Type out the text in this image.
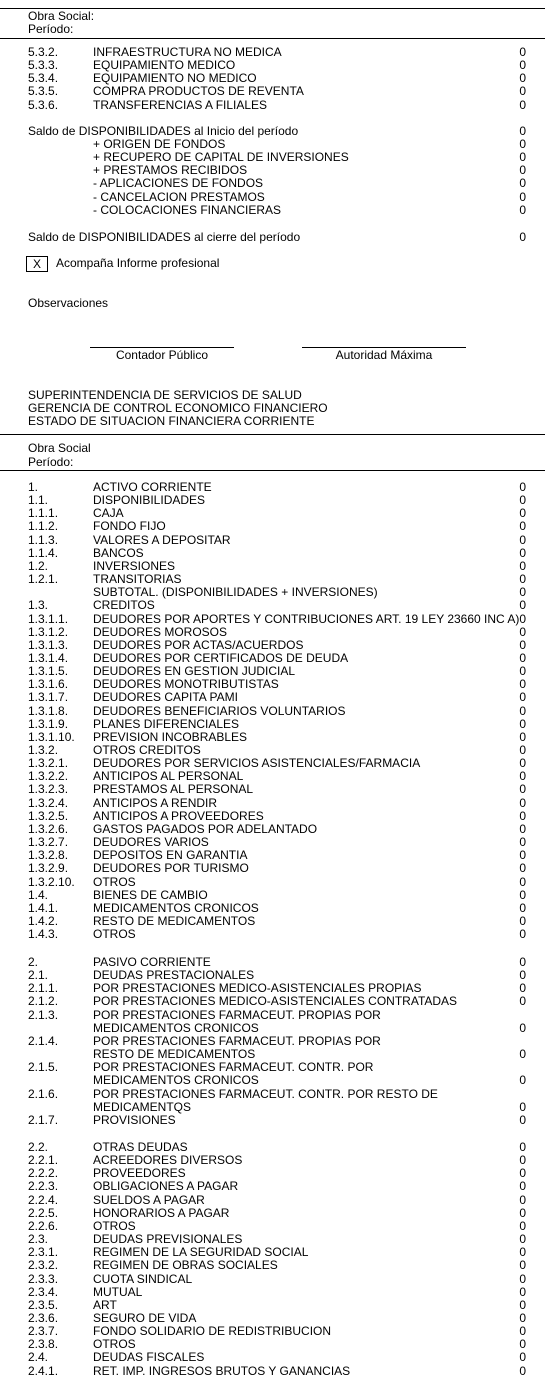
Obra Social:
Período:
5.3.2.	INFRAESTRUCTURA NO MEDICA	0
5.3.3.	EQUIPAMIENTO MEDICO	0
5.3.4.	EQUIPAMIENTO NO MEDICO	0
5.3.5.	COMPRA PRODUCTOS DE REVENTA	0
5.3.6.	TRANSFERENCIAS A FILIALES	0
Saldo de DISPONIBILIDADES al Inicio del período	0
+ ORIGEN DE FONDOS	0
+ RECUPERO DE CAPITAL DE INVERSIONES	0
+ PRESTAMOS RECIBIDOS	0
- APLICACIONES DE FONDOS	0
- CANCELACION PRESTAMOS	0
- COLOCACIONES FINANCIERAS	0
Saldo de DISPONIBILIDADES al cierre del período	0
X	Acompaña Informe profesional
Observaciones
Contador Público	Autoridad Máxima
SUPERINTENDENCIA DE SERVICIOS DE SALUD
GERENCIA DE CONTROL ECONOMICO FINANCIERO
ESTADO DE SITUACION FINANCIERA CORRIENTE
Obra Social
Período:
1.	ACTIVO CORRIENTE	0
1.1.	DISPONIBILIDADES	0
1.1.1.	CAJA	0
1.1.2.	FONDO FIJO	0
1.1.3.	VALORES A DEPOSITAR	0
1.1.4.	BANCOS	0
1.2.	INVERSIONES	0
1.2.1.	TRANSITORIAS	0
SUBTOTAL. (DISPONIBILIDADES + INVERSIONES)	0
1.3.	CREDITOS	0
1.3.1.1. DEUDORES POR APORTES Y CONTRIBUCIONES ART. 19 LEY 23660 INC A) 0
1.3.1.2. DEUDORES MOROSOS	0
1.3.1.3. DEUDORES POR ACTAS/ACUERDOS	0
1.3.1.4. DEUDORES POR CERTIFICADOS DE DEUDA	0
1.3.1.5. DEUDORES EN GESTION JUDICIAL	0
1.3.1.6. DEUDORES MONOTRIBUTISTAS	0
1.3.1.7. DEUDORES CAPITA PAMI	0
1.3.1.8. DEUDORES BENEFICIARIOS VOLUNTARIOS	0
1.3.1.9. PLANES DIFERENCIALES	0
1.3.1.10. PREVISION INCOBRABLES	0
1.3.2.	OTROS CREDITOS	0
1.3.2.1. DEUDORES POR SERVICIOS ASISTENCIALES/FARMACIA	0
1.3.2.2. ANTICIPOS AL PERSONAL	0
1.3.2.3. PRESTAMOS AL PERSONAL	0
1.3.2.4. ANTICIPOS A RENDIR	0
1.3.2.5. ANTICIPOS A PROVEEDORES	0
1.3.2.6. GASTOS PAGADOS POR ADELANTADO	0
1.3.2.7. DEUDORES VARIOS	0
1.3.2.8. DEPOSITOS EN GARANTIA	0
1.3.2.9. DEUDORES POR TURISMO	0
1.3.2.10. OTROS	0
1.4.	BIENES DE CAMBIO	0
1.4.1.	MEDICAMENTOS CRONICOS	0
1.4.2.	RESTO DE MEDICAMENTOS	0
1.4.3.	OTROS	0
2.	PASIVO CORRIENTE	0
2.1.	DEUDAS PRESTACIONALES	0
2.1.1.	POR PRESTACIONES MEDICO-ASISTENCIALES PROPIAS	0
2.1.2.	POR PRESTACIONES MEDICO-ASISTENCIALES CONTRATADAS	0
2.1.3.	POR PRESTACIONES FARMACEUT. PROPIAS POR
MEDICAMENTOS CRONICOS	0
2.1.4.	POR PRESTACIONES FARMACEUT. PROPIAS POR
RESTO DE MEDICAMENTOS	0
2.1.5.	POR PRESTACIONES FARMACEUT. CONTR. POR
MEDICAMENTOS CRONICOS	0
2.1.6.	POR PRESTACIONES FARMACEUT. CONTR. POR RESTO DE
MEDICAMENTQS	0
2.1.7.	PROVISIONES	0
2.2.	OTRAS DEUDAS	0
2.2.1.	ACREEDORES DIVERSOS	0
2.2.2.	PROVEEDORES	0
2.2.3.	OBLIGACIONES A PAGAR	0
2.2.4.	SUELDOS A PAGAR	0
2.2.5.	HONORARIOS A PAGAR	0
2.2.6.	OTROS	0
2.3.	DEUDAS PREVISIONALES	0
2.3.1.	REGIMEN DE LA SEGURIDAD SOCIAL	0
2.3.2.	REGIMEN DE OBRAS SOCIALES	0
2.3.3.	CUOTA SINDICAL	0
2.3.4.	MUTUAL	0
2.3.5.	ART	0
2.3.6.	SEGURO DE VIDA	0
2.3.7.	FONDO SOLIDARIO DE REDISTRIBUCION	0
2.3.8.	OTROS	0
2.4.	DEUDAS FISCALES	0
2.4.1.	RET. IMP. INGRESOS BRUTOS Y GANANCIAS	0
